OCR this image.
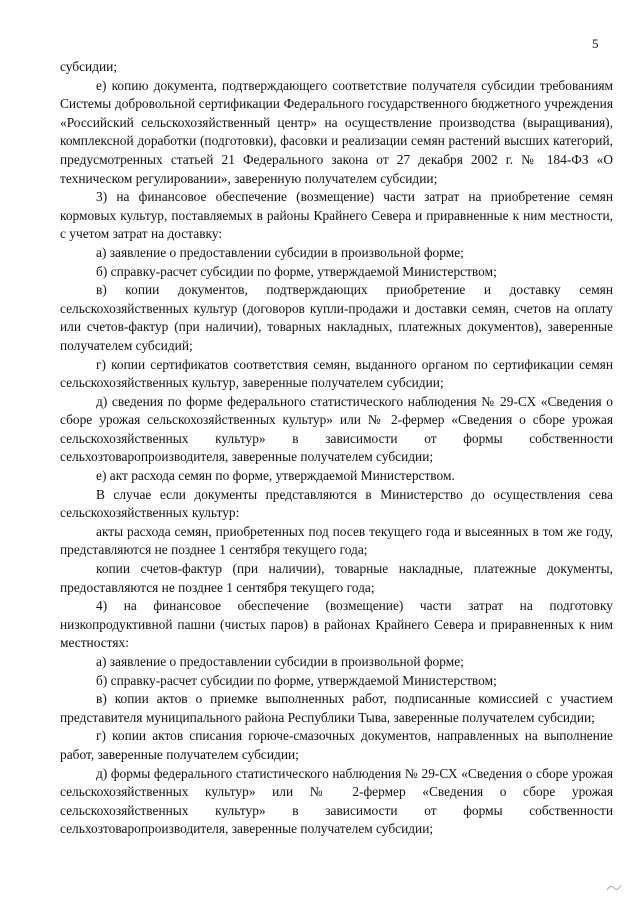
5

субсидии;

е) копию документа, подтверждающего соответствие получателя субсидии требованиям Системы добровольной сертификации Федерального государственного бюджетного учреждения «Российский сельскохозяйственный центр» на осуществление производства (выращивания), комплексной доработки (подготовки), фасовки и реализации семян растений высших категорий, предусмотренных статьей 21 Федерального закона от 27 декабря 2002 г. № 184-ФЗ «О техническом регулировании», заверенную получателем субсидии;

3) на финансовое обеспечение (возмещение) части затрат на приобретение семян кормовых культур, поставляемых в районы Крайнего Севера и приравненные к ним местности, с учетом затрат на доставку:

а) заявление о предоставлении субсидии в произвольной форме;

б) справку-расчет субсидии по форме, утверждаемой Министерством;

в) копии документов, подтверждающих приобретение и доставку семян сельскохозяйственных культур (договоров купли-продажи и доставки семян, счетов на оплату или счетов-фактур (при наличии), товарных накладных, платежных документов), заверенные получателем субсидий;

г) копии сертификатов соответствия семян, выданного органом по сертификации семян сельскохозяйственных культур, заверенные получателем субсидии;

д) сведения по форме федерального статистического наблюдения № 29-СХ «Сведения о сборе урожая сельскохозяйственных культур» или № 2-фермер «Сведения о сборе урожая сельскохозяйственных культур» в зависимости от формы собственности сельхозтоваропроизводителя, заверенные получателем субсидии;

е) акт расхода семян по форме, утверждаемой Министерством.

В случае если документы представляются в Министерство до осуществления сева сельскохозяйственных культур:

акты расхода семян, приобретенных под посев текущего года и высеянных в том же году, представляются не позднее 1 сентября текущего года;

копии счетов-фактур (при наличии), товарные накладные, платежные документы, предоставляются не позднее 1 сентября текущего года;

4) на финансовое обеспечение (возмещение) части затрат на подготовку низкопродуктивной пашни (чистых паров) в районах Крайнего Севера и приравненных к ним местностях:

а) заявление о предоставлении субсидии в произвольной форме;

б) справку-расчет субсидии по форме, утверждаемой Министерством;

в) копии актов о приемке выполненных работ, подписанные комиссией с участием представителя муниципального района Республики Тыва, заверенные получателем субсидии;

г) копии актов списания горюче-смазочных документов, направленных на выполнение работ, заверенные получателем субсидии;

д) формы федерального статистического наблюдения № 29-СХ «Сведения о сборе урожая сельскохозяйственных культур» или № 2-фермер «Сведения о сборе урожая сельскохозяйственных культур» в зависимости от формы собственности сельхозтоваропроизводителя, заверенные получателем субсидии;
